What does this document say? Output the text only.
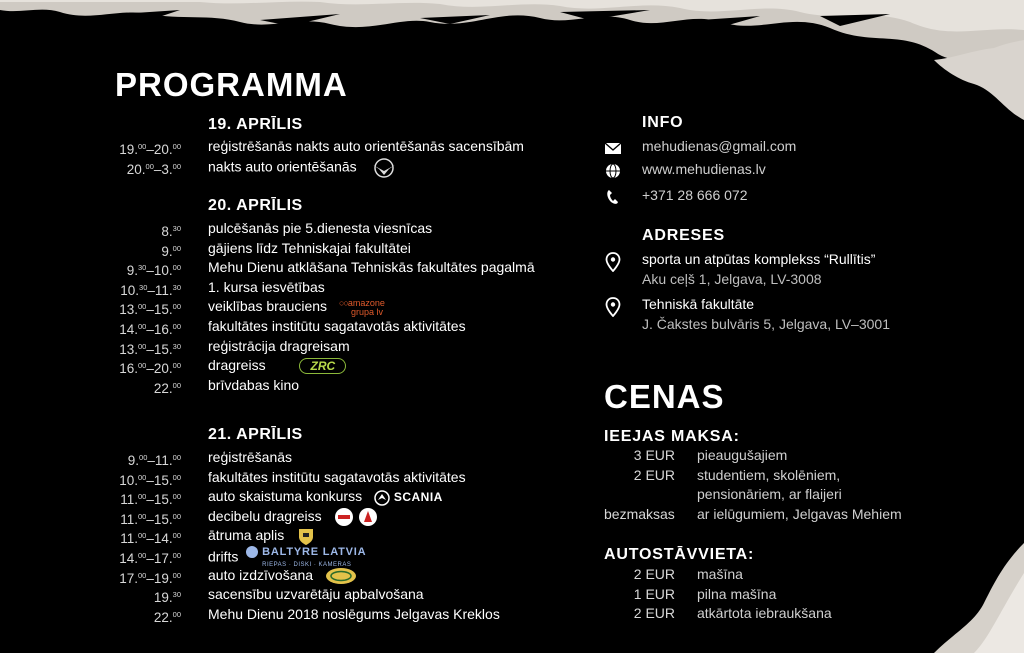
PROGRAMMA
19. APRĪLIS
19.00–20.00 reģistrēšanās nakts auto orientēšanās sacensībām
20.00–3.00 nakts auto orientēšanās
20. APRĪLIS
8.30 pulcēšanās pie 5.dienesta viesnīcas
9.00 gājiens līdz Tehniskajai fakultātei
9.30–10.00 Mehu Dienu atklāšana Tehniskās fakultātes pagalmā
10.30–11.30 1. kursa iesvētības
13.00–15.00 veiklības brauciens ○○amazone
grupa lv
14.00–16.00 fakultātes institūtu sagatavotās aktivitātes
13.00–15.30 reģistrācija dragreisam
16.00–20.00 dragreiss	ZRC
22.00 brīvdabas kino
21. APRĪLIS
9.00–11.00 reģistrēšanās
10.00–15.00 fakultātes institūtu sagatavotās aktivitātes
11.00–15.00 auto skaistuma konkurss	SCANIA
11.00–15.00 decibelu dragreiss
11.00–14.00 ātruma aplis
14.00–17.00 drifts BALTYRE LATVIA
RIEPAS · DISKI · KAMERAS
17.00–19.00 auto izdzīvošana
19.30 sacensību uzvarētāju apbalvošana
22.00 Mehu Dienu 2018 noslēgums Jelgavas Kreklos
INFO
mehudienas@gmail.com
www.mehudienas.lv
+371 28 666 072
ADRESES
sporta un atpūtas komplekss “Rullītis”
Aku ceļš 1, Jelgava, LV-3008
Tehniskā fakultāte
J. Čakstes bulvāris 5, Jelgava, LV–3001
CENAS
IEEJAS MAKSA:
3 EUR pieaugušajiem
2 EUR studentiem, skolēniem,
pensionāriem, ar flaijeri
bezmaksas ar ielūgumiem, Jelgavas Mehiem
AUTOSTĀVVIETA:
2 EUR mašīna
1 EUR pilna mašīna
2 EUR atkārtota iebraukšana
